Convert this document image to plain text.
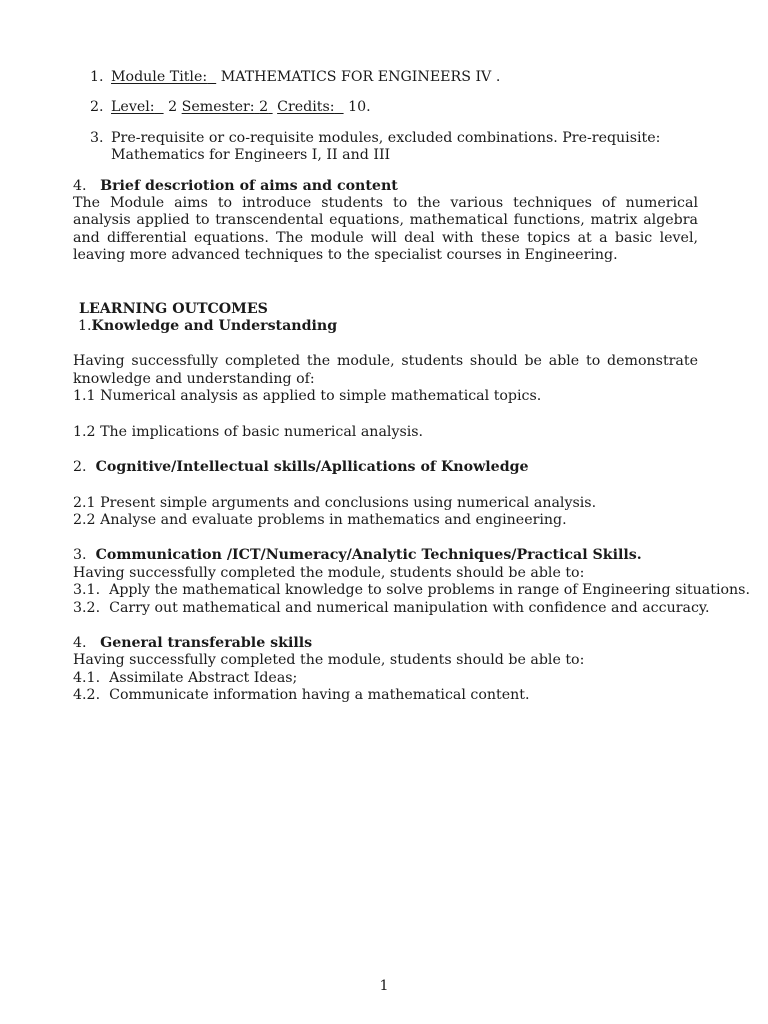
1. Module Title: MATHEMATICS FOR ENGINEERS IV .
2. Level: 2 Semester: 2 Credits: 10.
3. Pre-requisite or co-requisite modules, excluded combinations. Pre-requisite: Mathematics for Engineers I, II and III
4. Brief descriotion of aims and content

The Module aims to introduce students to the various techniques of numerical analysis applied to transcendental equations, mathematical functions, matrix algebra and differential equations. The module will deal with these topics at a basic level, leaving more advanced techniques to the specialist courses in Engineering.

LEARNING OUTCOMES
1.Knowledge and Understanding

Having successfully completed the module, students should be able to demonstrate knowledge and understanding of:

1.1 Numerical analysis as applied to simple mathematical topics.
1.2 The implications of basic numerical analysis.
2. Cognitive/Intellectual skills/Apllications of Knowledge
2.1 Present simple arguments and conclusions using numerical analysis.
2.2 Analyse and evaluate problems in mathematics and engineering.
3. Communication /ICT/Numeracy/Analytic Techniques/Practical Skills.
Having successfully completed the module, students should be able to:
3.1.  Apply the mathematical knowledge to solve problems in range of Engineering situations.
3.2.  Carry out mathematical and numerical manipulation with confidence and accuracy.
4. General transferable skills
Having successfully completed the module, students should be able to:
4.1.  Assimilate Abstract Ideas;
4.2.  Communicate information having a mathematical content.
1
